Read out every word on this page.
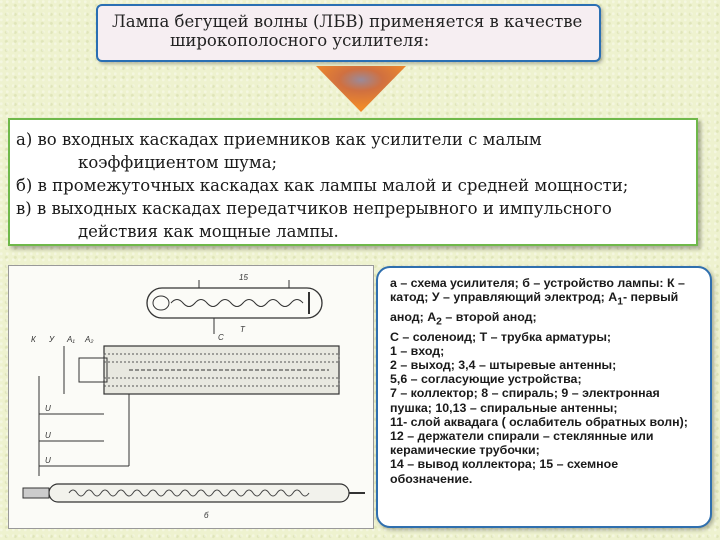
Лампа бегущей волны (ЛБВ) применяется в качестве
широкополосного усилителя:
а) во входных каскадах приемников как усилители с малым

коэффициентом шума;
б) в промежуточных каскадах как лампы малой и средней мощности;
в) в выходных каскадах передатчиков непрерывного и импульсного

действия как мощные лампы.
15
Т
С
К У А₁ А₂
U
U
U
б
а – схема усилителя; б – устройство лампы: К – катод; У – управляющий электрод; $А_1-$ первый анод; $А_2$ – второй анод;
С – соленоид; Т – трубка арматуры;
1 – вход;
2 – выход; 3,4 – штыревые антенны;
5,6 – согласующие устройства;
7 – коллектор; 8 – спираль; 9 – электронная пушка; 10,13 – спиральные антенны;
11- слой аквадага ( ослабитель обратных волн); 12 – держатели спирали – стеклянные или керамические трубочки;
14 – вывод коллектора; 15 – схемное обозначение.
